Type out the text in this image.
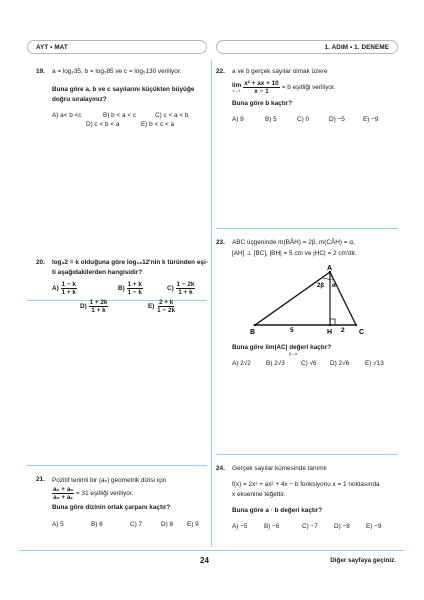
AYT • MAT	1. ADIM • 1. DENEME
19. a = log₂35, b = log₃85 ve c = log₅130 veriliyor.
Buna göre a, b ve c sayılarını küçükten büyüğe
doğru sıralayınız?
A) a< b <c	B) b < a < c	C) c < a < b
D) c < b < a	E) b < c < a
20. log₃2 = k olduğuna göre log₁₈12'nin k türünden eşi-
ti aşağıdakilerden hangisidir?
$A) \frac{1 - k}{1 + k}$	$B) \frac{1 + k}{1 - k}$	$C) \frac{1 - 2k}{1 + k}$
$D) \frac{1 + 2k}{1 + k}$	$E) \frac{2 + k}{1 - 2k}$
21. Pozitif terimli bir (aₙ) geometrik dizisi için
$\frac{\text{a₆ + a₅}}{\text{a₂ + a₁}} = 31$ eşitliği veriliyor.
Buna göre dizinin ortak çarpanı kaçtır?
A) 5	B) 6	C) 7	D) 8 E) 9
22. a ve b gerçek sayılar olmak üzere
lim
$x\to 1 \frac{\text{x² + ax + 10}}{x - 1} = b$ eşitliği veriliyor.
Buna göre b kaçtır?
A) 9	B) 5	C) 0	D) −5	E) −9
23. ABC üçgeninde m(BÂH) = 2β, m(CÂH) = α,
[AH] ⊥ [BC], |BH| = 5 cm ve |HC| = 2 cm'dir.
A
B	C
H
5	2
2β α
Buna göre lim|AC| değeri kaçtır?
β→α
A) 2√2 B) 2√3	C) √6 D) 2√6 E) √13
24. Gerçek sayılar kümesinde tanımlı
f(x) = 2x³ + ax² + 4x − b fonksiyonu x = 1 noktasında
x eksenine teğettir.
Buna göre a · b değeri kaçtır?
A) −5	B) −6	C) −7	D) −8	E) −9
24	Diğer sayfaya geçiniz.
